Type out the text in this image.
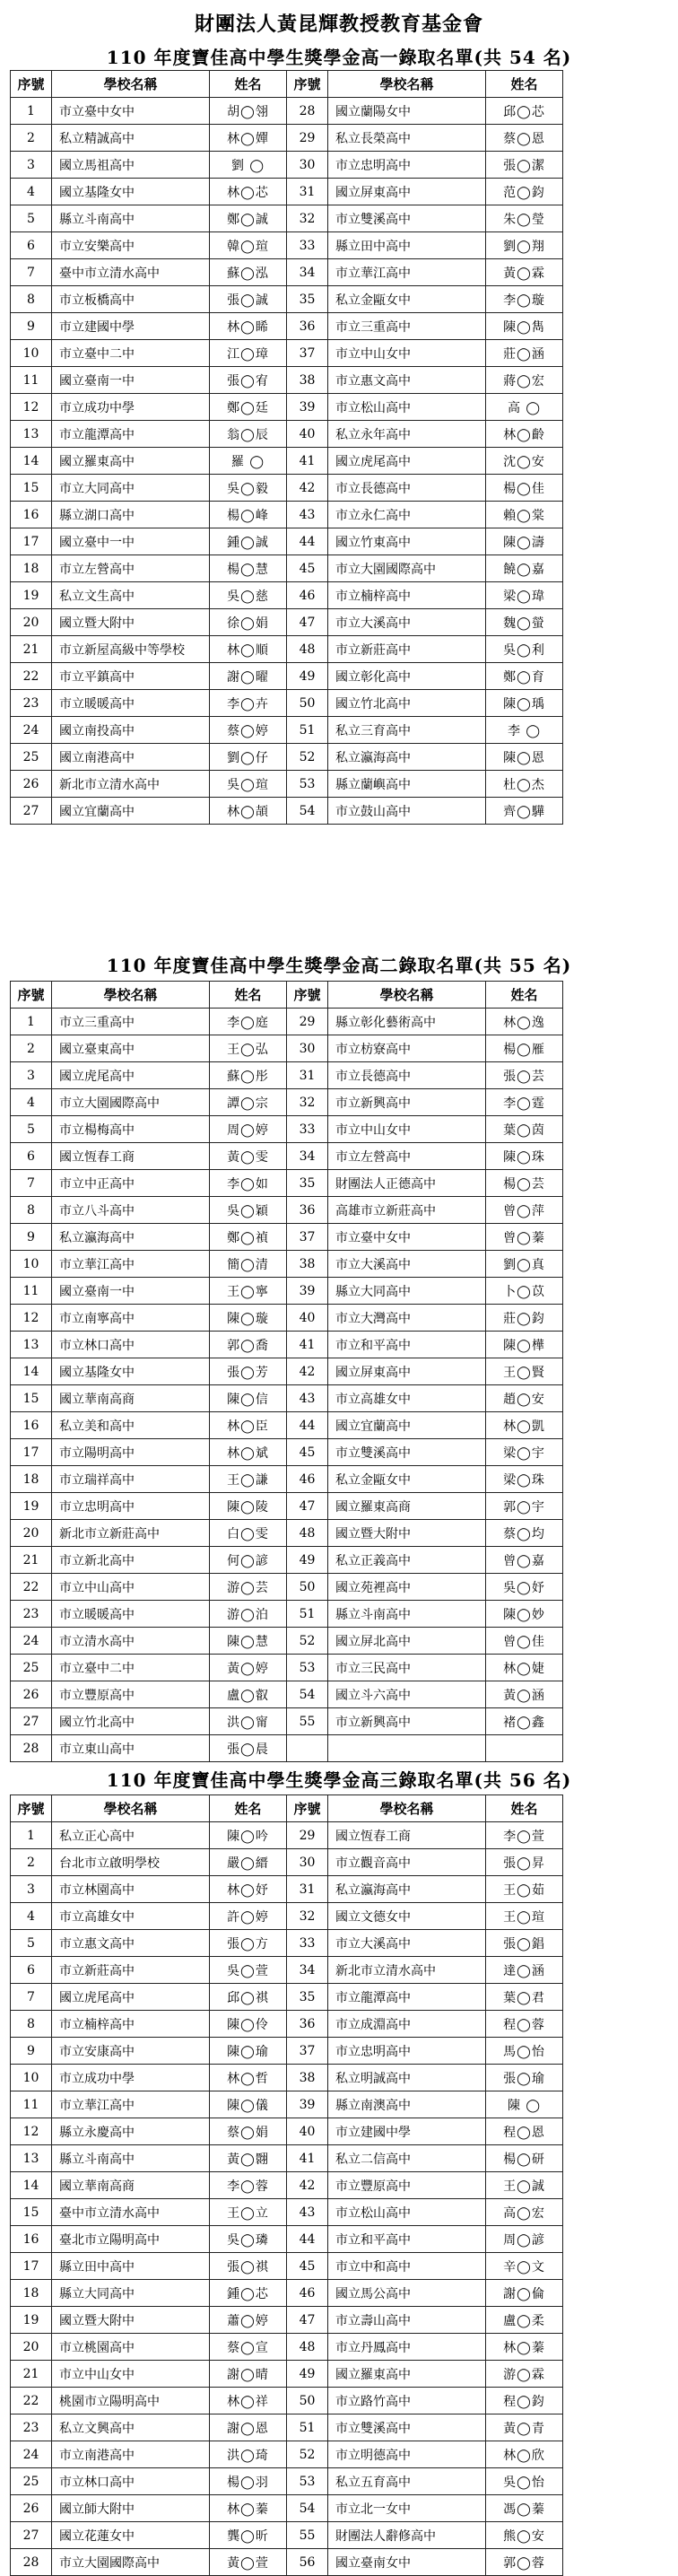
財團法人黃昆輝教授教育基金會
110 年度寶佳高中學生獎學金高一錄取名單(共 54 名)
序號	學校名稱	姓名	序號	學校名稱	姓名
1	市立臺中女中	胡◯翎	28	國立蘭陽女中	邱◯芯
2	私立精誠高中	林◯嬋	29	私立長榮高中	蔡◯恩
3	國立馬祖高中	劉 ◯	30	市立忠明高中	張◯潔
4	國立基隆女中	林◯芯	31	國立屏東高中	范◯鈞
5	縣立斗南高中	鄭◯誠	32	市立雙溪高中	朱◯瑩
6	市立安樂高中	韓◯瑄	33	縣立田中高中	劉◯翔
7	臺中市立清水高中	蘇◯泓	34	市立華江高中	黃◯霖
8	市立板橋高中	張◯誠	35	私立金甌女中	李◯璇
9	市立建國中學	林◯睎	36	市立三重高中	陳◯雋
10	市立臺中二中	江◯璋	37	市立中山女中	莊◯涵
11	國立臺南一中	張◯宥	38	市立惠文高中	蔣◯宏
12	市立成功中學	鄭◯廷	39	市立松山高中	高 ◯
13	市立龍潭高中	翁◯辰	40	私立永年高中	林◯齡
14	國立羅東高中	羅 ◯	41	國立虎尾高中	沈◯安
15	市立大同高中	吳◯毅	42	市立長德高中	楊◯佳
16	縣立湖口高中	楊◯峰	43	市立永仁高中	賴◯棠
17	國立臺中一中	鍾◯誠	44	國立竹東高中	陳◯濤
18	市立左營高中	楊◯慧	45	市立大園國際高中	饒◯嘉
19	私立文生高中	吳◯慈	46	市立楠梓高中	梁◯瑋
20	國立暨大附中	徐◯娟	47	市立大溪高中	魏◯螢
21	市立新屋高級中等學校	林◯順	48	市立新莊高中	吳◯利
22	市立平鎮高中	謝◯曜	49	國立彰化高中	鄭◯育
23	市立暖暖高中	李◯卉	50	國立竹北高中	陳◯瑀
24	國立南投高中	蔡◯婷	51	私立三育高中	李 ◯
25	國立南港高中	劉◯仔	52	私立瀛海高中	陳◯恩
26	新北市立清水高中	吳◯瑄	53	縣立蘭嶼高中	杜◯杰
27	國立宜蘭高中	林◯頡	54	市立鼓山高中	齊◯驊
110 年度寶佳高中學生獎學金高二錄取名單(共 55 名)
序號	學校名稱	姓名	序號	學校名稱	姓名
1	市立三重高中	李◯庭	29	縣立彰化藝術高中	林◯逸
2	國立臺東高中	王◯弘	30	市立枋寮高中	楊◯雁
3	國立虎尾高中	蘇◯彤	31	市立長德高中	張◯芸
4	市立大園國際高中	譚◯宗	32	市立新興高中	李◯霆
5	市立楊梅高中	周◯婷	33	市立中山女中	葉◯茵
6	國立恆春工商	黃◯雯	34	市立左營高中	陳◯珠
7	市立中正高中	李◯如	35	財團法人正德高中	楊◯芸
8	市立八斗高中	吳◯穎	36	高雄市立新莊高中	曾◯萍
9	私立瀛海高中	鄭◯禎	37	市立臺中女中	曾◯蓁
10	市立華江高中	簡◯清	38	市立大溪高中	劉◯真
11	國立臺南一中	王◯寧	39	縣立大同高中	卜◯苡
12	市立南寧高中	陳◯璇	40	市立大灣高中	莊◯鈞
13	市立林口高中	郭◯喬	41	市立和平高中	陳◯樺
14	國立基隆女中	張◯芳	42	國立屏東高中	王◯賢
15	國立華南高商	陳◯信	43	市立高雄女中	趙◯安
16	私立美和高中	林◯臣	44	國立宜蘭高中	林◯凱
17	市立陽明高中	林◯斌	45	市立雙溪高中	梁◯宇
18	市立瑞祥高中	王◯謙	46	私立金甌女中	梁◯珠
19	市立忠明高中	陳◯陵	47	國立羅東高商	郭◯宇
20	新北市立新莊高中	白◯雯	48	國立暨大附中	蔡◯均
21	市立新北高中	何◯諺	49	私立正義高中	曾◯嘉
22	市立中山高中	游◯芸	50	國立苑裡高中	吳◯妤
23	市立暖暖高中	游◯泊	51	縣立斗南高中	陳◯妙
24	市立清水高中	陳◯慧	52	國立屏北高中	曾◯佳
25	市立臺中二中	黃◯婷	53	市立三民高中	林◯婕
26	市立豐原高中	盧◯叡	54	國立斗六高中	黃◯涵
27	國立竹北高中	洪◯甯	55	市立新興高中	褚◯鑫
28	市立東山高中	張◯晨			
110 年度寶佳高中學生獎學金高三錄取名單(共 56 名)
序號	學校名稱	姓名	序號	學校名稱	姓名
1	私立正心高中	陳◯吟	29	國立恆春工商	李◯萱
2	台北市立啟明學校	嚴◯縉	30	市立觀音高中	張◯昇
3	市立林園高中	林◯妤	31	私立瀛海高中	王◯茹
4	市立高雄女中	許◯婷	32	國立文德女中	王◯瑄
5	市立惠文高中	張◯方	33	市立大溪高中	張◯錩
6	市立新莊高中	吳◯萱	34	新北市立清水高中	達◯涵
7	國立虎尾高中	邱◯祺	35	市立龍潭高中	葉◯君
8	市立楠梓高中	陳◯伶	36	市立成淵高中	程◯蓉
9	市立安康高中	陳◯瑜	37	市立忠明高中	馬◯怡
10	市立成功中學	林◯哲	38	私立明誠高中	張◯瑜
11	市立華江高中	陳◯儀	39	縣立南澳高中	陳 ◯
12	縣立永慶高中	蔡◯娟	40	市立建國中學	程◯恩
13	縣立斗南高中	黃◯翾	41	私立二信高中	楊◯研
14	國立華南高商	李◯蓉	42	市立豐原高中	王◯誠
15	臺中市立清水高中	王◯立	43	市立松山高中	高◯宏
16	臺北市立陽明高中	吳◯璘	44	市立和平高中	周◯諺
17	縣立田中高中	張◯祺	45	市立中和高中	辛◯文
18	縣立大同高中	鍾◯芯	46	國立馬公高中	謝◯倫
19	國立暨大附中	蕭◯婷	47	市立壽山高中	盧◯柔
20	市立桃園高中	蔡◯宣	48	市立丹鳳高中	林◯蓁
21	市立中山女中	謝◯晴	49	國立羅東高中	游◯霖
22	桃園市立陽明高中	林◯祥	50	市立路竹高中	程◯鈞
23	私立文興高中	謝◯恩	51	市立雙溪高中	黃◯青
24	市立南港高中	洪◯琦	52	市立明德高中	林◯欣
25	市立林口高中	楊◯羽	53	私立五育高中	吳◯怡
26	國立師大附中	林◯蓁	54	市立北一女中	馮◯蓁
27	國立花蓮女中	龔◯昕	55	財團法人辭修高中	熊◯安
28	市立大園國際高中	黃◯萱	56	國立臺南女中	郭◯蓉
